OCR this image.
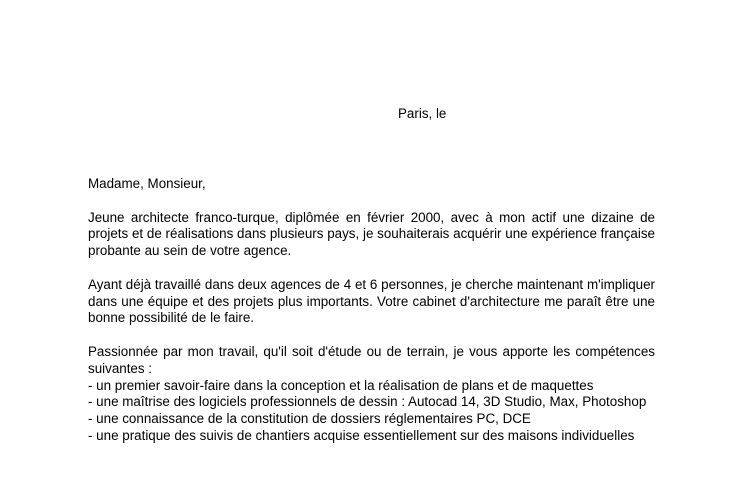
Paris, le

Madame, Monsieur,

Jeune architecte franco-turque, diplômée en février 2000, avec à mon actif une dizaine de projets et de réalisations dans plusieurs pays, je souhaiterais acquérir une expérience française probante au sein de votre agence.

Ayant déjà travaillé dans deux agences de 4 et 6 personnes, je cherche maintenant m'impliquer dans une équipe et des projets plus importants. Votre cabinet d'architecture me paraît être une bonne possibilité de le faire.

Passionnée par mon travail, qu'il soit d'étude ou de terrain, je vous apporte les compétences suivantes :
- un premier savoir-faire dans la conception et la réalisation de plans et de maquettes
- une maîtrise des logiciels professionnels de dessin : Autocad 14, 3D Studio, Max, Photoshop
- une connaissance de la constitution de dossiers réglementaires PC, DCE
- une pratique des suivis de chantiers acquise essentiellement sur des maisons individuelles
